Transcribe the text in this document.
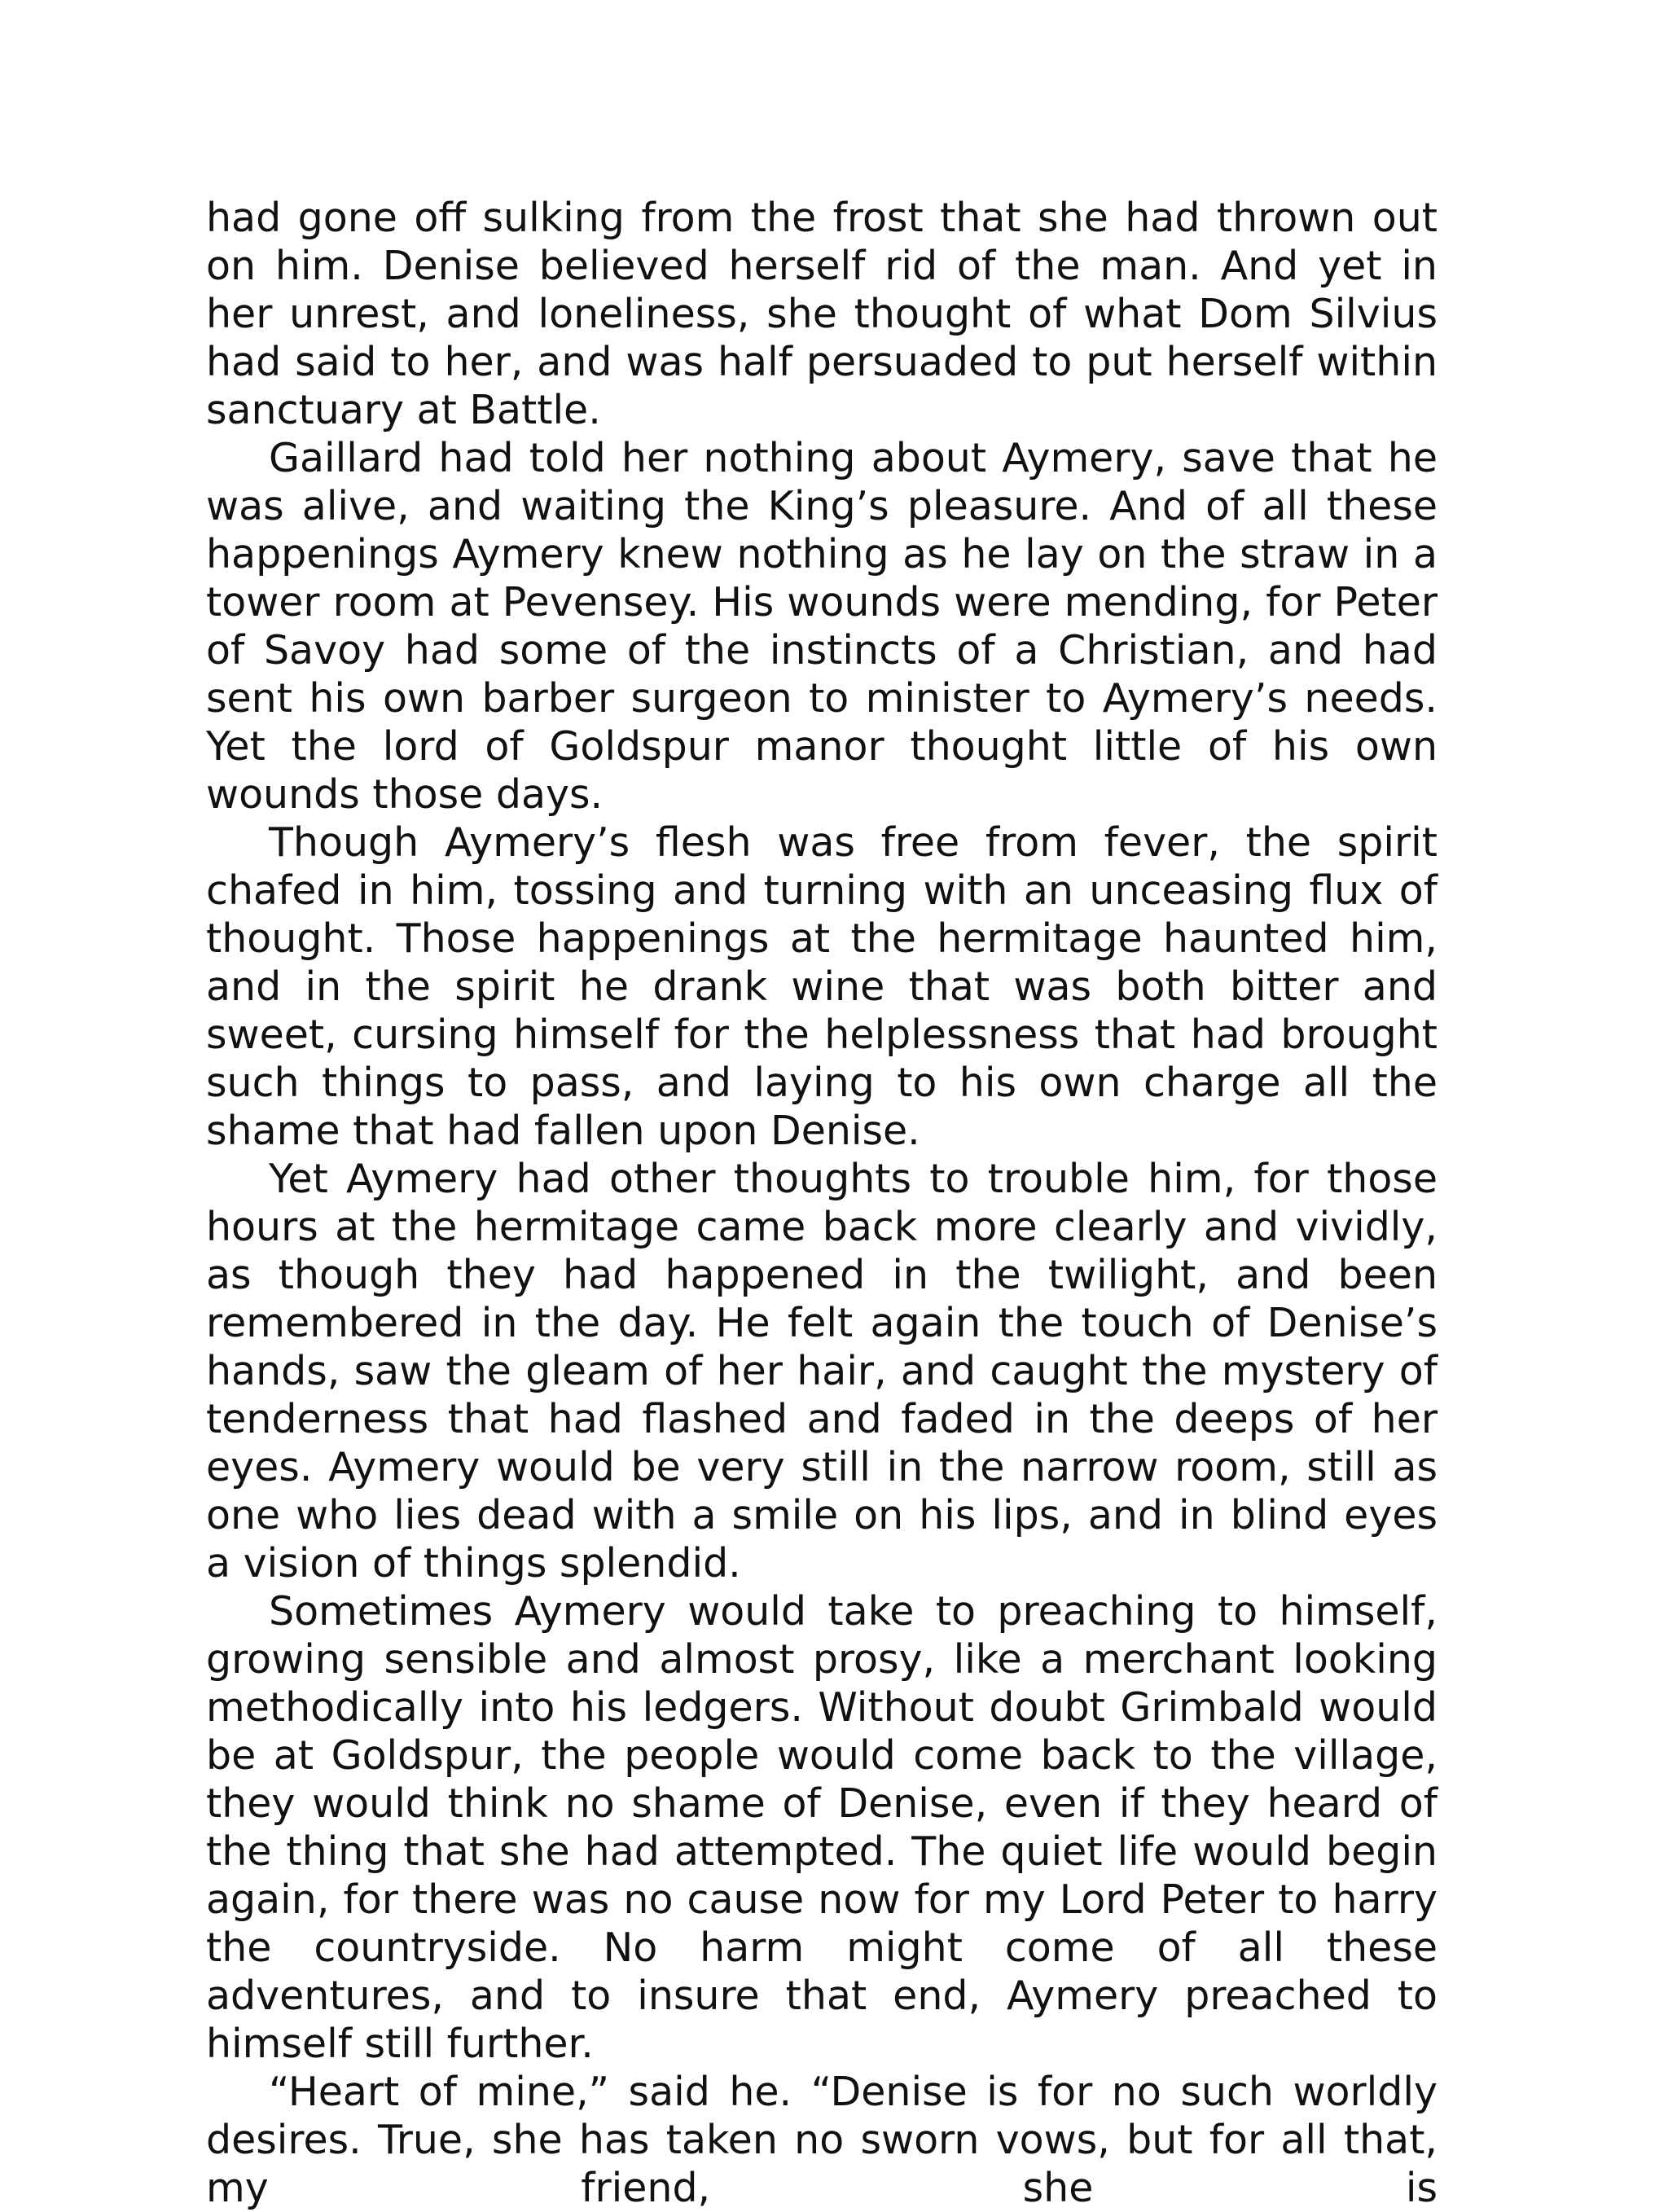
had gone off sulking from the frost that she had thrown out on him. Denise believed herself rid of the man. And yet in her unrest, and loneliness, she thought of what Dom Silvius had said to her, and was half persuaded to put herself within sanctuary at Battle.

Gaillard had told her nothing about Aymery, save that he was alive, and waiting the King’s pleasure. And of all these happenings Aymery knew nothing as he lay on the straw in a tower room at Pevensey. His wounds were mending, for Peter of Savoy had some of the instincts of a Christian, and had sent his own barber surgeon to minister to Aymery’s needs. Yet the lord of Goldspur manor thought little of his own wounds those days.

Though Aymery’s flesh was free from fever, the spirit chafed in him, tossing and turning with an unceasing flux of thought. Those happenings at the hermitage haunted him, and in the spirit he drank wine that was both bitter and sweet, cursing himself for the helplessness that had brought such things to pass, and laying to his own charge all the shame that had fallen upon Denise.

Yet Aymery had other thoughts to trouble him, for those hours at the hermitage came back more clearly and vividly, as though they had happened in the twilight, and been remembered in the day. He felt again the touch of Denise’s hands, saw the gleam of her hair, and caught the mystery of tenderness that had flashed and faded in the deeps of her eyes. Aymery would be very still in the narrow room, still as one who lies dead with a smile on his lips, and in blind eyes a vision of things splendid.

Sometimes Aymery would take to preaching to himself, growing sensible and almost prosy, like a merchant looking methodically into his ledgers. Without doubt Grimbald would be at Goldspur, the people would come back to the village, they would think no shame of Denise, even if they heard of the thing that she had attempted. The quiet life would begin again, for there was no cause now for my Lord Peter to harry the countryside. No harm might come of all these adventures, and to insure that end, Aymery preached to himself still further.

“Heart of mine,” said he. “Denise is for no such worldly desires. True, she has taken no sworn vows, but for all that, my friend, she is
